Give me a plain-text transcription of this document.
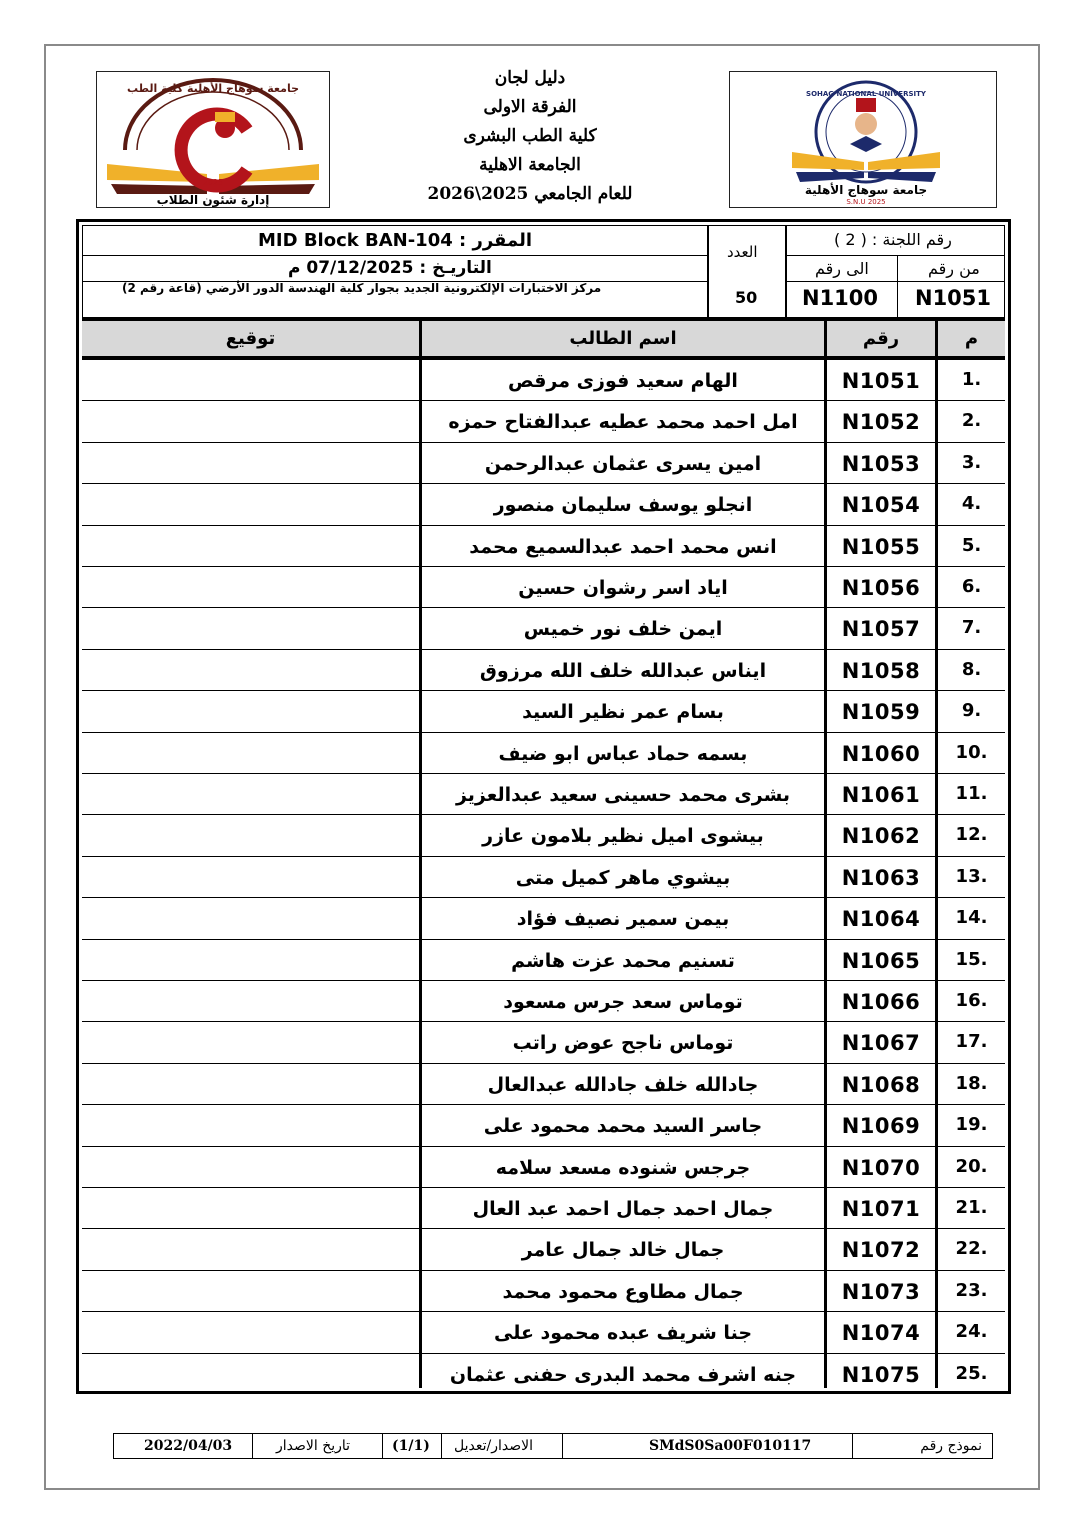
جامعة سوهاج الأهلية كلية الطب
2025
إدارة شئون الطلاب
SOHAG NATIONAL UNIVERSITY
جامعة سوهاج الأهلية
S.N.U 2025
دليل لجان
الفرقة الاولى
كلية الطب البشرى
الجامعة الاهلية
للعام الجامعي 2025\2026
المقرر : MID Block BAN-104
التاريـخ : 07/12/2025 م
مركز الاختبارات الإلكترونية الجديد بجوار كلية الهندسة الدور الأرضي (قاعة رقم 2)
العدد
50
رقم اللجنة : ( 2 )
الى رقم	من رقم
N1100 N1051
توقيع	اسم الطالب	رقم	م
الهام سعيد فوزى مرقص	N1051	1.
امل احمد محمد عطيه عبدالفتاح حمزه	N1052	2.
امين يسرى عثمان عبدالرحمن	N1053	3.
انجلو يوسف سليمان منصور	N1054	4.
انس محمد احمد عبدالسميع محمد	N1055	5.
اياد اسر رشوان حسين	N1056	6.
ايمن خلف نور خميس	N1057	7.
ايناس عبدالله خلف الله مرزوق	N1058	8.
بسام عمر نظير السيد	N1059	9.
بسمه حماد عباس ابو ضيف	N1060	10.
بشرى محمد حسينى سعيد عبدالعزيز	N1061	11.
بيشوى اميل نظير بلامون عازر	N1062	12.
بيشوي ماهر كميل متى	N1063	13.
بيمن سمير نصيف فؤاد	N1064	14.
تسنيم محمد عزت هاشم	N1065	15.
توماس سعد جرس مسعود	N1066	16.
توماس ناجح عوض راتب	N1067	17.
جادالله خلف جادالله عبدالعال	N1068	18.
جاسر السيد محمد محمود على	N1069	19.
جرجس شنوده مسعد سلامه	N1070	20.
جمال احمد جمال احمد عبد العال	N1071	21.
جمال خالد جمال عامر	N1072	22.
جمال مطاوع محمود محمد	N1073	23.
جنا شريف عبده محمود على	N1074	24.
جنه اشرف محمد البدرى حفنى عثمان	N1075	25.
نموذج رقم
SMdS0Sa00F010117
الاصدار/تعديل
(1/1)
تاريخ الاصدار
2022/04/03
